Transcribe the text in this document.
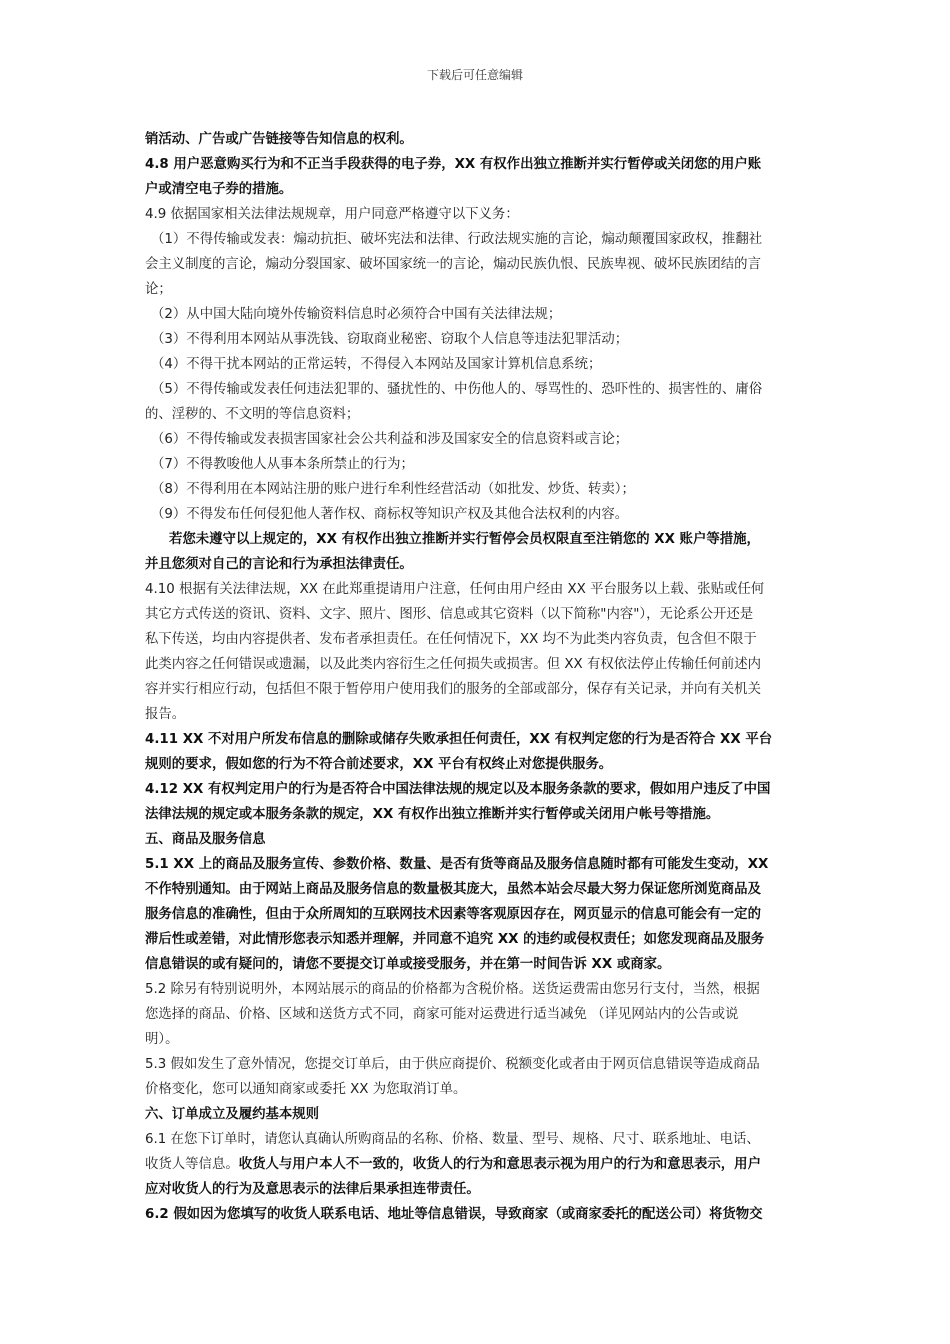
下载后可任意编辑
销活动、广告或广告链接等告知信息的权利。
4.8 用户恶意购买行为和不正当手段获得的电子券，XX 有权作出独立推断并实行暂停或关闭您的用户账
户或清空电子券的措施。
4.9 依据国家相关法律法规规章，用户同意严格遵守以下义务：
（1）不得传输或发表：煽动抗拒、破坏宪法和法律、行政法规实施的言论，煽动颠覆国家政权，推翻社
会主义制度的言论，煽动分裂国家、破坏国家统一的言论，煽动民族仇恨、民族卑视、破坏民族团结的言
论；
（2）从中国大陆向境外传输资料信息时必须符合中国有关法律法规；
（3）不得利用本网站从事洗钱、窃取商业秘密、窃取个人信息等违法犯罪活动；
（4）不得干扰本网站的正常运转，不得侵入本网站及国家计算机信息系统；
（5）不得传输或发表任何违法犯罪的、骚扰性的、中伤他人的、辱骂性的、恐吓性的、损害性的、庸俗
的、淫秽的、不文明的等信息资料；
（6）不得传输或发表损害国家社会公共利益和涉及国家安全的信息资料或言论；
（7）不得教唆他人从事本条所禁止的行为；
（8）不得利用在本网站注册的账户进行牟利性经营活动（如批发、炒货、转卖）；
（9）不得发布任何侵犯他人著作权、商标权等知识产权及其他合法权利的内容。
若您未遵守以上规定的，XX 有权作出独立推断并实行暂停会员权限直至注销您的 XX 账户等措施，
并且您须对自己的言论和行为承担法律责任。
4.10 根据有关法律法规，XX 在此郑重提请用户注意，任何由用户经由 XX 平台服务以上载、张贴或任何
其它方式传送的资讯、资料、文字、照片、图形、信息或其它资料（以下简称"内容"），无论系公开还是
私下传送，均由内容提供者、发布者承担责任。在任何情况下，XX 均不为此类内容负责，包含但不限于
此类内容之任何错误或遗漏，以及此类内容衍生之任何损失或损害。但 XX 有权依法停止传输任何前述内
容并实行相应行动，包括但不限于暂停用户使用我们的服务的全部或部分，保存有关记录，并向有关机关
报告。
4.11 XX 不对用户所发布信息的删除或储存失败承担任何责任，XX 有权判定您的行为是否符合 XX 平台
规则的要求，假如您的行为不符合前述要求，XX 平台有权终止对您提供服务。
4.12 XX 有权判定用户的行为是否符合中国法律法规的规定以及本服务条款的要求，假如用户违反了中国
法律法规的规定或本服务条款的规定，XX 有权作出独立推断并实行暂停或关闭用户帐号等措施。
五、商品及服务信息
5.1 XX 上的商品及服务宣传、参数价格、数量、是否有货等商品及服务信息随时都有可能发生变动，XX
不作特别通知。由于网站上商品及服务信息的数量极其庞大，虽然本站会尽最大努力保证您所浏览商品及
服务信息的准确性，但由于众所周知的互联网技术因素等客观原因存在，网页显示的信息可能会有一定的
滞后性或差错，对此情形您表示知悉并理解，并同意不追究 XX 的违约或侵权责任；如您发现商品及服务
信息错误的或有疑问的，请您不要提交订单或接受服务，并在第一时间告诉 XX 或商家。
5.2 除另有特别说明外，本网站展示的商品的价格都为含税价格。送货运费需由您另行支付，当然，根据
您选择的商品、价格、区域和送货方式不同，商家可能对运费进行适当减免 （详见网站内的公告或说
明）。
5.3 假如发生了意外情况，您提交订单后，由于供应商提价、税额变化或者由于网页信息错误等造成商品
价格变化，您可以通知商家或委托 XX 为您取消订单。
六、订单成立及履约基本规则
6.1 在您下订单时，请您认真确认所购商品的名称、价格、数量、型号、规格、尺寸、联系地址、电话、
收货人等信息。收货人与用户本人不一致的，收货人的行为和意思表示视为用户的行为和意思表示，用户
应对收货人的行为及意思表示的法律后果承担连带责任。
6.2 假如因为您填写的收货人联系电话、地址等信息错误，导致商家（或商家委托的配送公司）将货物交
